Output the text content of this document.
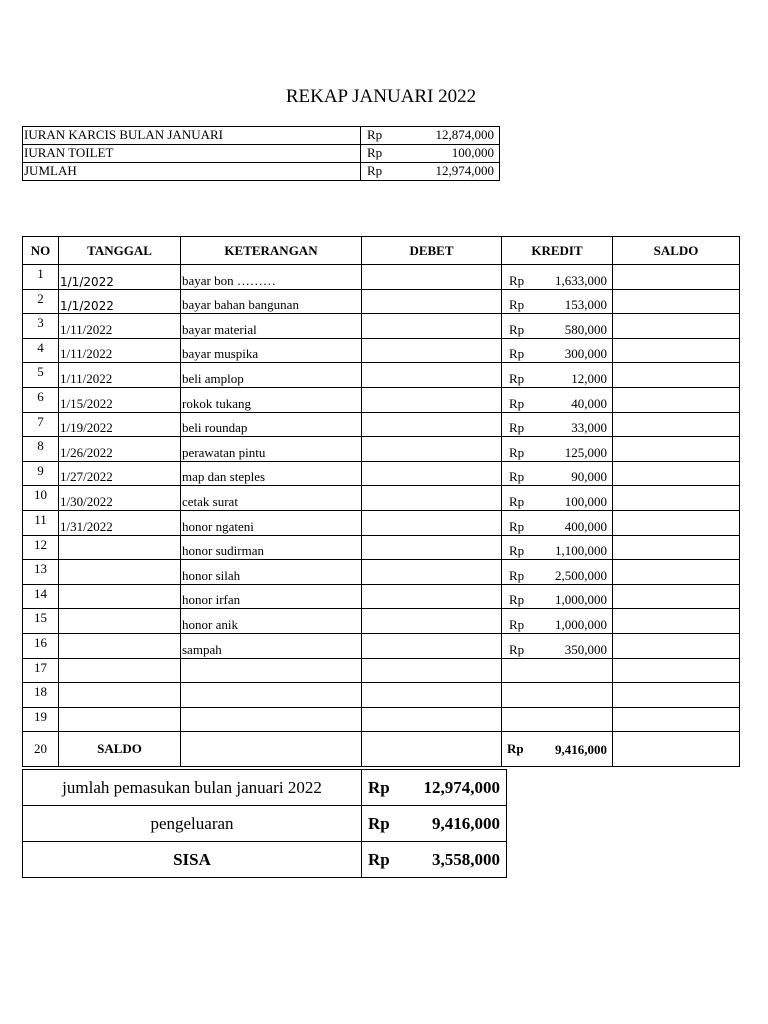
REKAP JANUARI 2022
IURAN KARCIS BULAN JANUARI	Rp 12,874,000

IURAN TOILET	Rp 100,000

JUMLAH	Rp 12,974,000
NO	TANGGAL	KETERANGAN	DEBET	KREDIT	SALDO
1	1/1/2022	bayar bon ………		Rp 1,633,000	

2	1/1/2022	bayar bahan bangunan		Rp 153,000	

3	1/11/2022	bayar material		Rp 580,000	

4	1/11/2022	bayar muspika		Rp 300,000	

5	1/11/2022	beli amplop		Rp 12,000	

6	1/15/2022	rokok tukang		Rp 40,000	

7	1/19/2022	beli roundap		Rp 33,000	

8	1/26/2022	perawatan pintu		Rp 125,000	

9	1/27/2022	map dan steples		Rp 90,000	

10	1/30/2022	cetak surat		Rp 100,000	

11	1/31/2022	honor ngateni		Rp 400,000	

12		honor sudirman		Rp 1,100,000	

13		honor silah		Rp 2,500,000	

14		honor irfan		Rp 1,000,000	

15		honor anik		Rp 1,000,000	

16		sampah		Rp 350,000	

17				

18				

19				

20	SALDO			Rp 9,416,000	

jumlah pemasukan bulan januari 2022	Rp 12,974,000

pengeluaran	Rp 9,416,000

SISA	Rp 3,558,000
